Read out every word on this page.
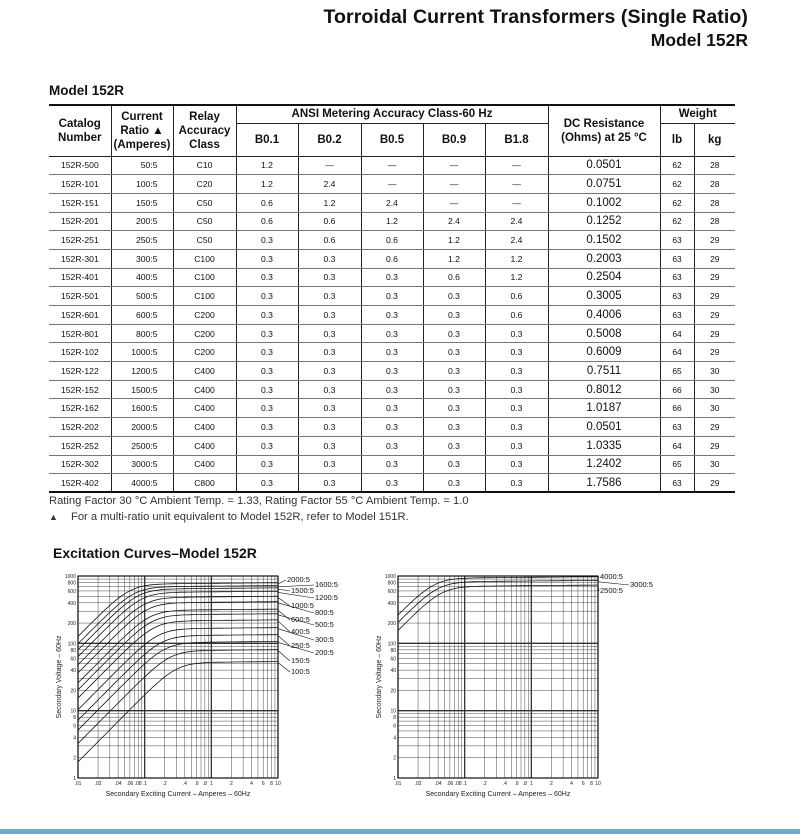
Torroidal Current Transformers (Single Ratio)
Model 152R
Model 152R
Catalog
Number	Current
Ratio ▲
(Amperes)	Relay
Accuracy
Class	ANSI Metering Accuracy Class-60 Hz					DC Resistance
(Ohms) at 25 °C	Weight	
			B0.1	B0.2	B0.5	B0.9	B1.8		lb	kg
152R-500	50:5	C10	1.2	—	—	—	—	0.0501	62	28
152R-101	100:5	C20	1.2	2.4	—	—	—	0.0751	62	28
152R-151	150:5	C50	0.6	1.2	2.4	—	—	0.1002	62	28
152R-201	200:5	C50	0.6	0.6	1.2	2.4	2.4	0.1252	62	28
152R-251	250:5	C50	0.3	0.6	0.6	1.2	2.4	0.1502	63	29
152R-301	300:5	C100	0.3	0.3	0.6	1.2	1.2	0.2003	63	29
152R-401	400:5	C100	0.3	0.3	0.3	0.6	1.2	0.2504	63	29
152R-501	500:5	C100	0.3	0.3	0.3	0.3	0.6	0.3005	63	29
152R-601	600:5	C200	0.3	0.3	0.3	0.3	0.6	0.4006	63	29
152R-801	800:5	C200	0.3	0.3	0.3	0.3	0.3	0.5008	64	29
152R-102	1000:5	C200	0.3	0.3	0.3	0.3	0.3	0.6009	64	29
152R-122	1200:5	C400	0.3	0.3	0.3	0.3	0.3	0.7511	65	30
152R-152	1500:5	C400	0.3	0.3	0.3	0.3	0.3	0.8012	66	30
152R-162	1600:5	C400	0.3	0.3	0.3	0.3	0.3	1.0187	66	30
152R-202	2000:5	C400	0.3	0.3	0.3	0.3	0.3	0.0501	63	29
152R-252	2500:5	C400	0.3	0.3	0.3	0.3	0.3	1.0335	64	29
152R-302	3000:5	C400	0.3	0.3	0.3	0.3	0.3	1.2402	65	30
152R-402	4000:5	C800	0.3	0.3	0.3	0.3	0.3	1.7586	63	29
Rating Factor 30 °C Ambient Temp. = 1.33, Rating Factor 55 °C Ambient Temp. = 1.0
▲ For a multi-ratio unit equivalent to Model 152R, refer to Model 151R.
Excitation Curves–Model 152R
1
2
4
6
8
10
20
40
60
80
100
200
400
600
800
1000
.01	.02	.04 .06 .08 .1	.2	.4 .6 .8 1	2	4 6 8 10
Secondary Exciting Current – Amperes – 60Hz
Secondary Voltage – 60Hz
2000:5
1600:5
1500:5
1200:5
1000:5
800:5
600:5
500:5
400:5
300:5
250:5
200:5
150:5
100:5
1
2
4
6
8
10
20
40
60
80
100
200
400
600
800
1000
.01	.02	.04 .06 .08 .1	.2	.4 .6 .8 1	2	4 6 8 10
Secondary Exciting Current – Amperes – 60Hz
Secondary Voltage – 60Hz
4000:5
3000:5
2500:5
